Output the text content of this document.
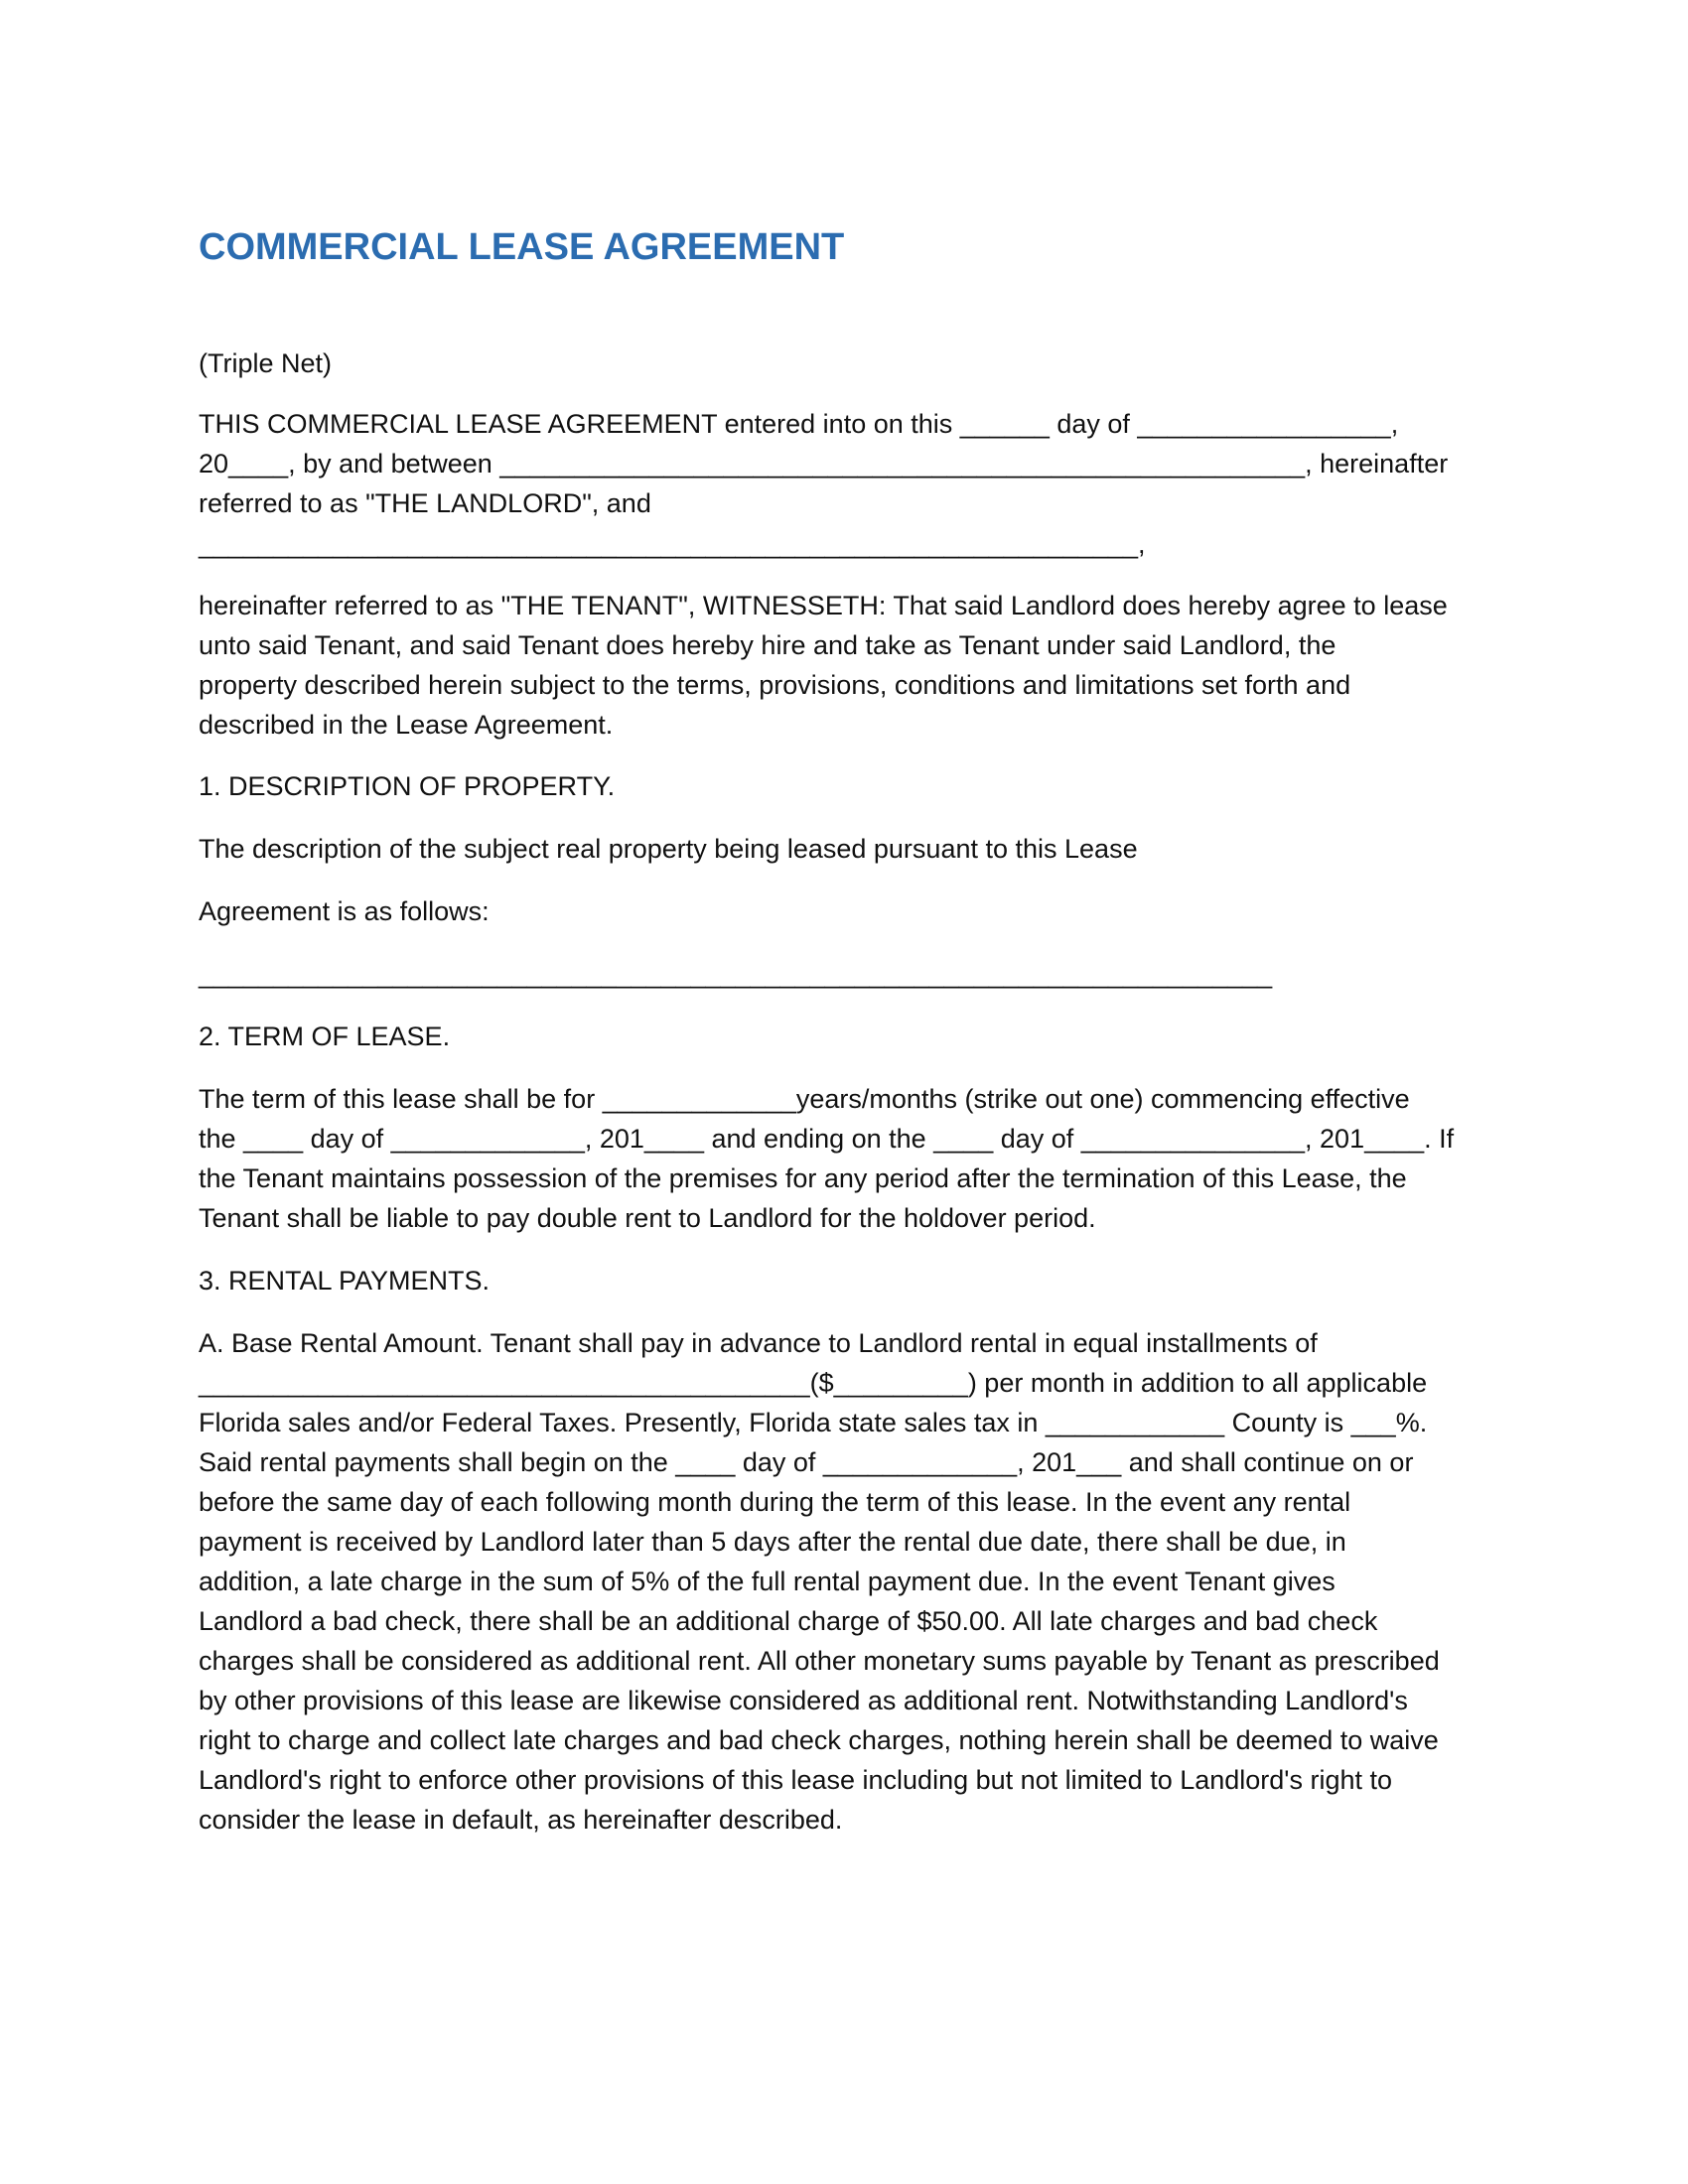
COMMERCIAL LEASE AGREEMENT

(Triple Net)

THIS COMMERCIAL LEASE AGREEMENT entered into on this ______ day of _________________,

20____, by and between ______________________________________________________, hereinafter

referred to as "THE LANDLORD", and

_______________________________________________________________,

hereinafter referred to as "THE TENANT", WITNESSETH: That said Landlord does hereby agree to lease

unto said Tenant, and said Tenant does hereby hire and take as Tenant under said Landlord, the

property described herein subject to the terms, provisions, conditions and limitations set forth and

described in the Lease Agreement.

1. DESCRIPTION OF PROPERTY.

The description of the subject real property being leased pursuant to this Lease

Agreement is as follows:

________________________________________________________________________

2. TERM OF LEASE.

The term of this lease shall be for _____________years/months (strike out one) commencing effective

the ____ day of _____________, 201____ and ending on the ____ day of _______________, 201____. If

the Tenant maintains possession of the premises for any period after the termination of this Lease, the

Tenant shall be liable to pay double rent to Landlord for the holdover period.

3. RENTAL PAYMENTS.

A. Base Rental Amount. Tenant shall pay in advance to Landlord rental in equal installments of

_________________________________________($_________) per month in addition to all applicable

Florida sales and/or Federal Taxes. Presently, Florida state sales tax in ____________ County is ___%.

Said rental payments shall begin on the ____ day of _____________, 201___ and shall continue on or

before the same day of each following month during the term of this lease. In the event any rental

payment is received by Landlord later than 5 days after the rental due date, there shall be due, in

addition, a late charge in the sum of 5% of the full rental payment due. In the event Tenant gives

Landlord a bad check, there shall be an additional charge of $50.00. All late charges and bad check

charges shall be considered as additional rent. All other monetary sums payable by Tenant as prescribed

by other provisions of this lease are likewise considered as additional rent. Notwithstanding Landlord's

right to charge and collect late charges and bad check charges, nothing herein shall be deemed to waive

Landlord's right to enforce other provisions of this lease including but not limited to Landlord's right to

consider the lease in default, as hereinafter described.
